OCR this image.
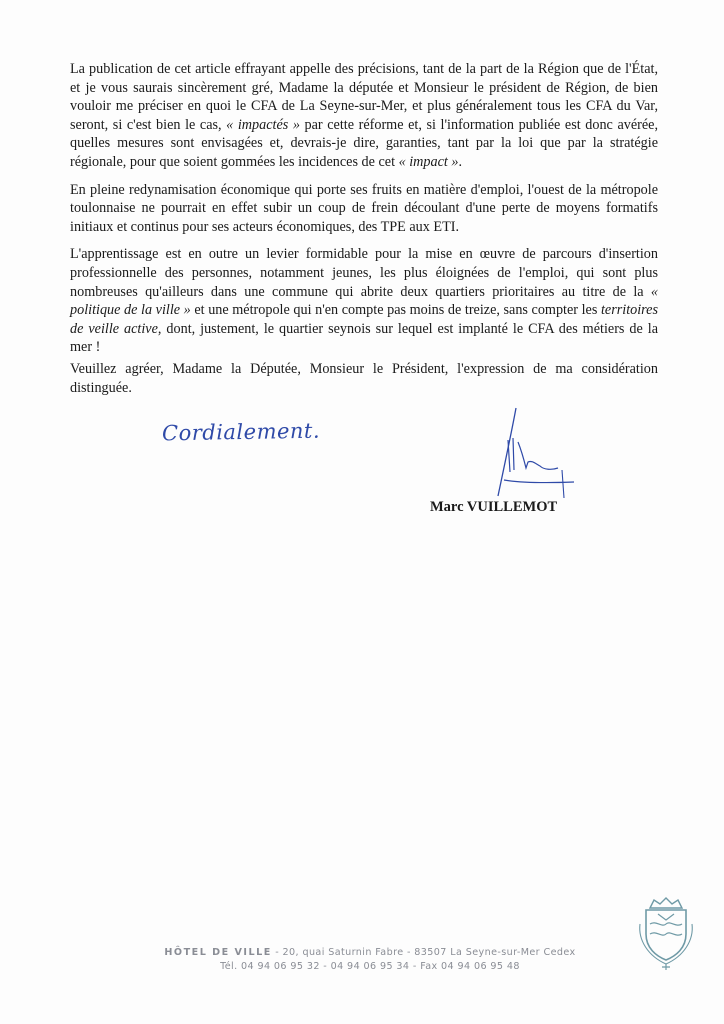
La publication de cet article effrayant appelle des précisions, tant de la part de la Région que de l'État, et je vous saurais sincèrement gré, Madame la députée et Monsieur le président de Région, de bien vouloir me préciser en quoi le CFA de La Seyne-sur-Mer, et plus généralement tous les CFA du Var, seront, si c'est bien le cas, « impactés » par cette réforme et, si l'information publiée est donc avérée, quelles mesures sont envisagées et, devrais-je dire, garanties, tant par la loi que par la stratégie régionale, pour que soient gommées les incidences de cet « impact ».

En pleine redynamisation économique qui porte ses fruits en matière d'emploi, l'ouest de la métropole toulonnaise ne pourrait en effet subir un coup de frein découlant d'une perte de moyens formatifs initiaux et continus pour ses acteurs économiques, des TPE aux ETI.

L'apprentissage est en outre un levier formidable pour la mise en œuvre de parcours d'insertion professionnelle des personnes, notamment jeunes, les plus éloignées de l'emploi, qui sont plus nombreuses qu'ailleurs dans une commune qui abrite deux quartiers prioritaires au titre de la « politique de la ville » et une métropole qui n'en compte pas moins de treize, sans compter les territoires de veille active, dont, justement, le quartier seynois sur lequel est implanté le CFA des métiers de la mer !

Veuillez agréer, Madame la Députée, Monsieur le Président, l'expression de ma considération distinguée.

Cordialement.
Marc VUILLEMOT
HÔTEL DE VILLE - 20, quai Saturnin Fabre - 83507 La Seyne-sur-Mer Cedex
Tél. 04 94 06 95 32 - 04 94 06 95 34 - Fax 04 94 06 95 48
